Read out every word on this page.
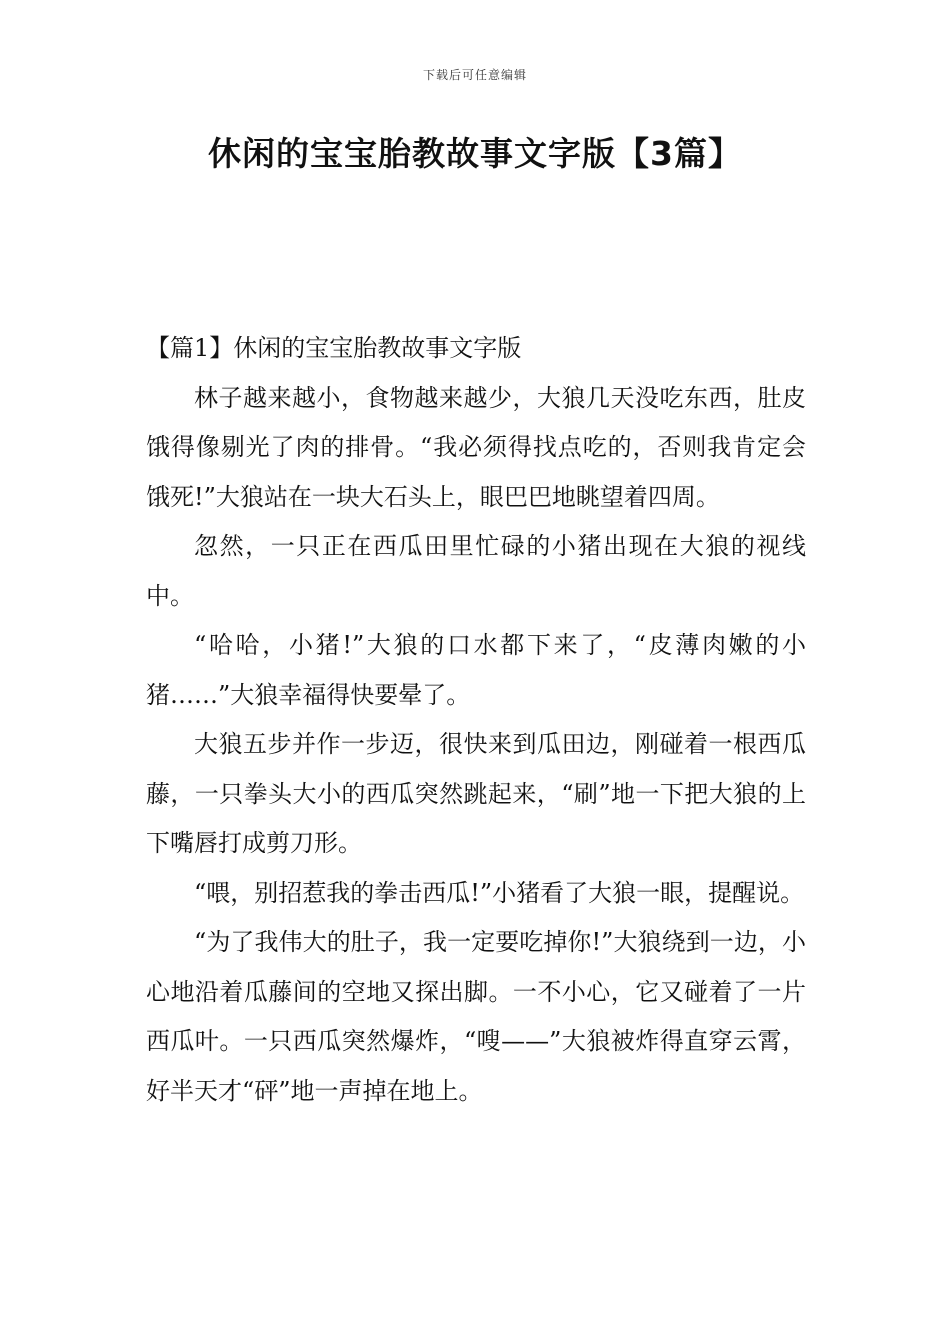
下载后可任意编辑
休闲的宝宝胎教故事文字版【3篇】
【篇1】休闲的宝宝胎教故事文字版

林子越来越小，食物越来越少，大狼几天没吃东西，肚皮饿得像剔光了肉的排骨。“我必须得找点吃的，否则我肯定会饿死!”大狼站在一块大石头上，眼巴巴地眺望着四周。

忽然，一只正在西瓜田里忙碌的小猪出现在大狼的视线中。

“哈哈，小猪!”大狼的口水都下来了，“皮薄肉嫩的小猪……”大狼幸福得快要晕了。

大狼五步并作一步迈，很快来到瓜田边，刚碰着一根西瓜藤，一只拳头大小的西瓜突然跳起来，“刷”地一下把大狼的上下嘴唇打成剪刀形。

“喂，别招惹我的拳击西瓜!”小猪看了大狼一眼，提醒说。

“为了我伟大的肚子，我一定要吃掉你!”大狼绕到一边，小心地沿着瓜藤间的空地又探出脚。一不小心，它又碰着了一片西瓜叶。一只西瓜突然爆炸，“嗖——”大狼被炸得直穿云霄，好半天才“砰”地一声掉在地上。
